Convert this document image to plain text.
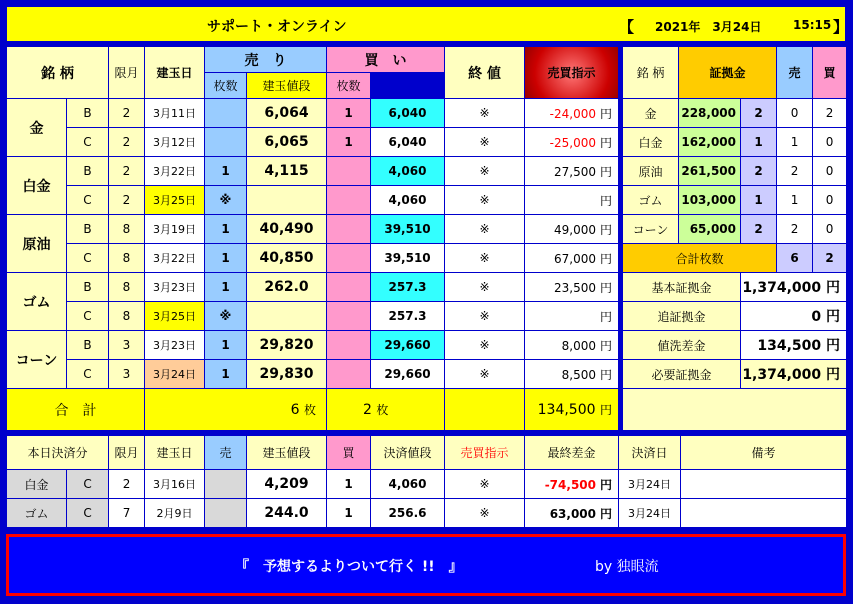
サポート・オンライン	【 2021年　3月24日	15:15 】
銘 柄		限月	建玉日	売　り		買　い		終 値	売買指示	
				枚数	建玉値段	枚数				
金	B	2	3月11日		6,064	1	6,040	※	-24,000 円	
	C	2	3月12日		6,065	1	6,040	※	-25,000 円	
白金	B	2	3月22日	1	4,115		4,060	※	27,500 円	
	C	2	3月25日	※			4,060	※	円	
原油	B	8	3月19日	1	40,490		39,510	※	49,000 円	
	C	8	3月22日	1	40,850		39,510	※	67,000 円	
ゴム	B	8	3月23日	1	262.0		257.3	※	23,500 円	
	C	8	3月25日	※			257.3	※	円	
コーン	B	3	3月23日	1	29,820		29,660	※	8,000 円	
	C	3	3月24日	1	29,830		29,660	※	8,500 円	
合　計			6 枚			2 枚			134,500 円	
銘 柄	証拠金		売	買
金	228,000	2	0	2
白金	162,000	1	1	0
原油	261,500	2	2	0
ゴム	103,000	1	1	0
コーン	65,000	2	2	0
合計枚数			6	2
基本証拠金		1,374,000 円		
追証拠金		0 円		
値洗差金		134,500 円		
必要証拠金		1,374,000 円		

本日決済分		限月	建玉日	売	建玉値段	買	決済値段	売買指示	最終差金	決済日	備考
白金	C	2	3月16日		4,209	1	4,060	※	-74,500 円	3月24日	
ゴム	C	7	2月9日		244.0	1	256.6	※	63,000 円	3月24日	
『　予想するよりついて行く !!　』	by 独眼流
